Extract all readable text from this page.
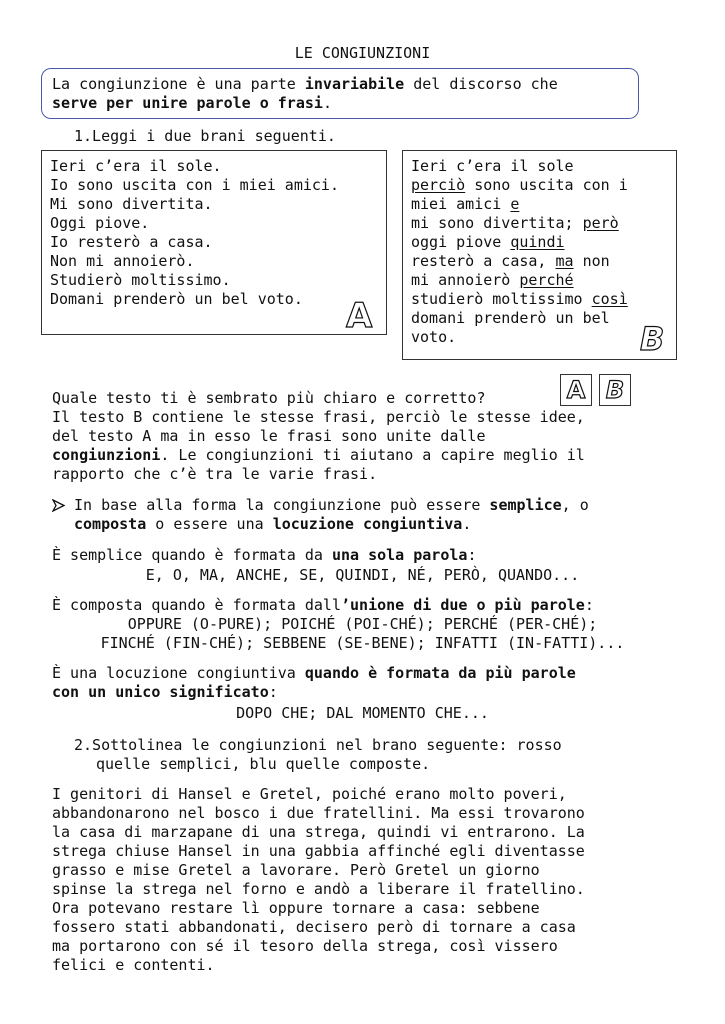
LE CONGIUNZIONI
La congiunzione è una parte invariabile del discorso che
serve per unire parole o frasi.
1.Leggi i due brani seguenti.
Ieri c’era il sole.
Io sono uscita con i miei amici.
Mi sono divertita.
Oggi piove.
Io resterò a casa.
Non mi annoierò.
Studierò moltissimo.
Domani prenderò un bel voto. A
Ieri c’era il sole
perciò sono uscita con i
miei amici e
mi sono divertita; però
oggi piove quindi
resterò a casa, ma non
mi annoierò perché
studierò moltissimo così
domani prenderò un bel
voto.	B
Quale testo ti è sembrato più chiaro e corretto?	A B
Il testo B contiene le stesse frasi, perciò le stesse idee,
del testo A ma in esso le frasi sono unite dalle
congiunzioni. Le congiunzioni ti aiutano a capire meglio il
rapporto che c’è tra le varie frasi.
In base alla forma la congiunzione può essere semplice, o
composta o essere una locuzione congiuntiva.
È semplice quando è formata da una sola parola:
E, O, MA, ANCHE, SE, QUINDI, NÉ, PERÒ, QUANDO...
È composta quando è formata dall’unione di due o più parole:
OPPURE (O-PURE); POICHÉ (POI-CHÉ); PERCHÉ (PER-CHÉ);
FINCHÉ (FIN-CHÉ); SEBBENE (SE-BENE); INFATTI (IN-FATTI)...
È una locuzione congiuntiva quando è formata da più parole
con un unico significato:
DOPO CHE; DAL MOMENTO CHE...
2.Sottolinea le congiunzioni nel brano seguente: rosso
quelle semplici, blu quelle composte.
I genitori di Hansel e Gretel, poiché erano molto poveri,
abbandonarono nel bosco i due fratellini. Ma essi trovarono
la casa di marzapane di una strega, quindi vi entrarono. La
strega chiuse Hansel in una gabbia affinché egli diventasse
grasso e mise Gretel a lavorare. Però Gretel un giorno
spinse la strega nel forno e andò a liberare il fratellino.
Ora potevano restare lì oppure tornare a casa: sebbene
fossero stati abbandonati, decisero però di tornare a casa
ma portarono con sé il tesoro della strega, così vissero
felici e contenti.
